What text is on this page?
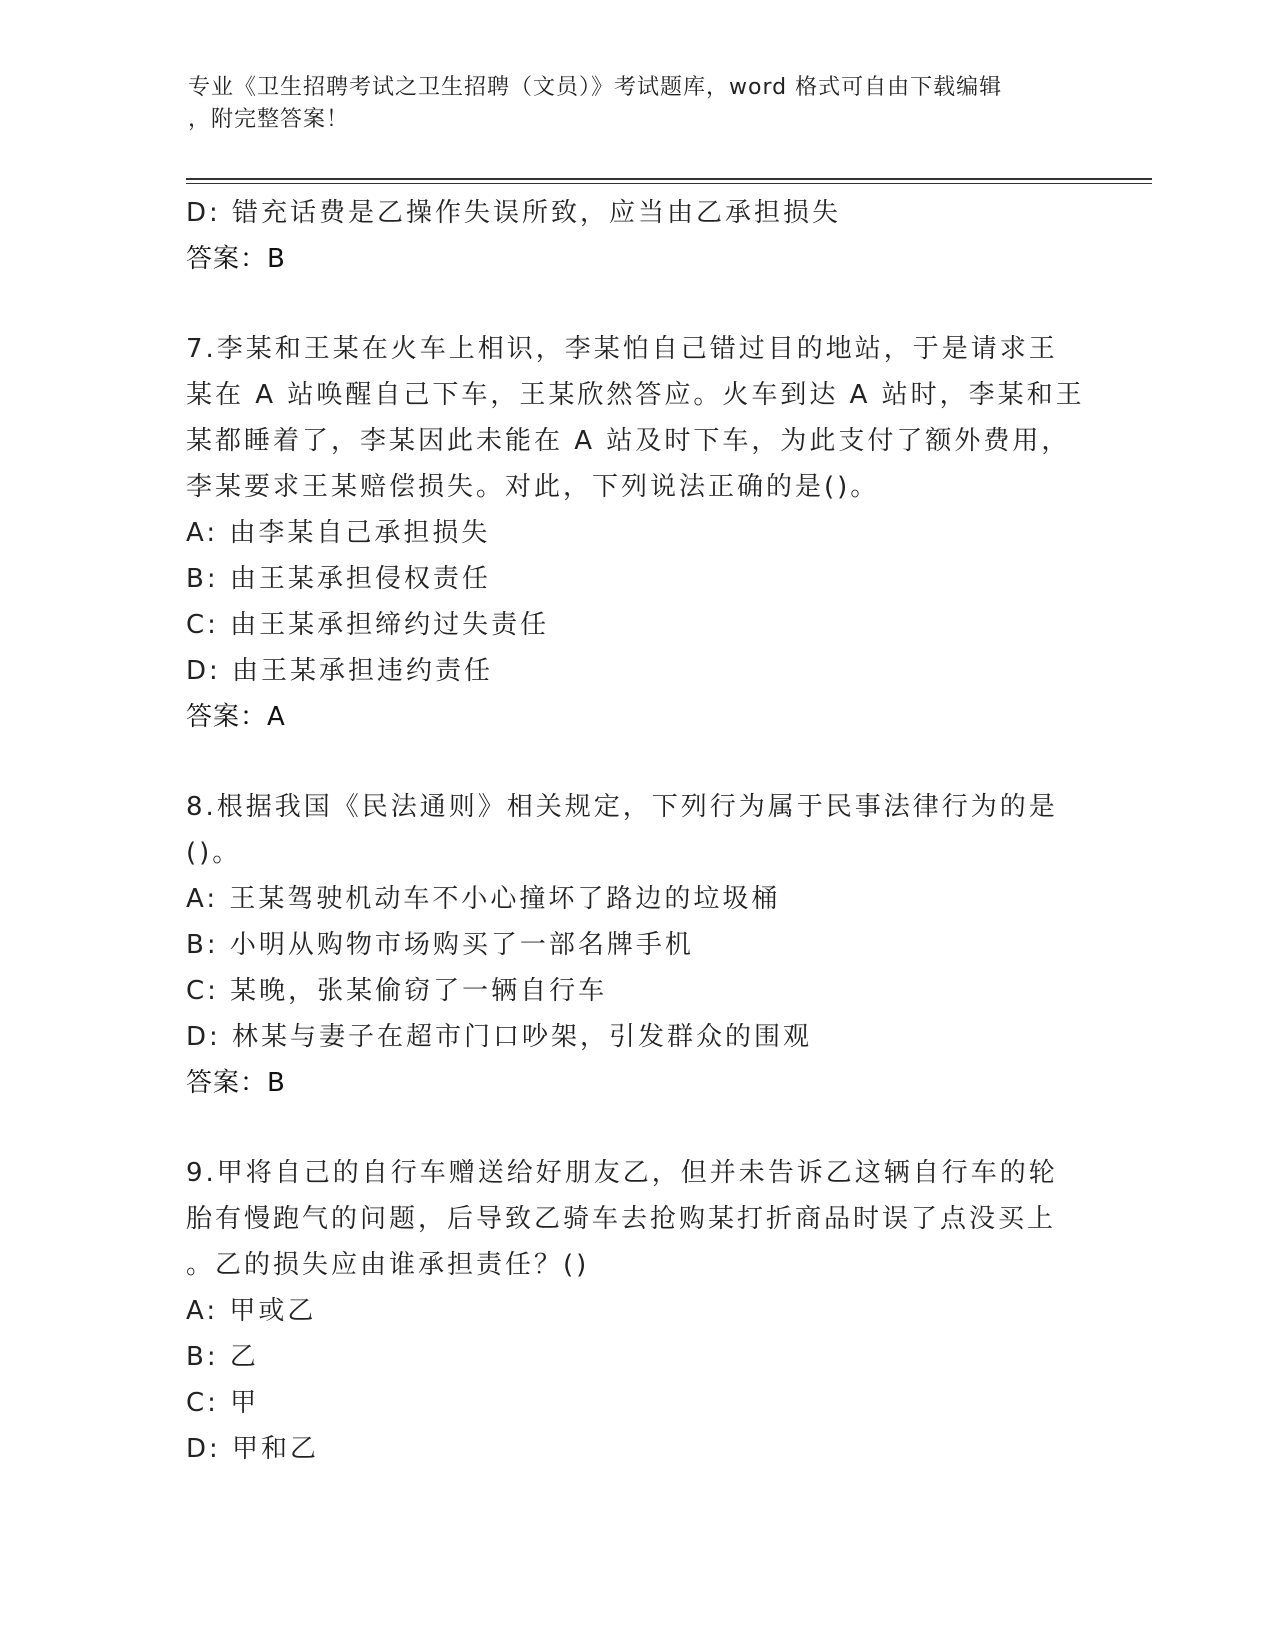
专业《卫生招聘考试之卫生招聘（文员）》考试题库，word 格式可自由下载编辑
，附完整答案！
D: 错充话费是乙操作失误所致，应当由乙承担损失
答案：B
7.李某和王某在火车上相识，李某怕自己错过目的地站，于是请求王
某在 A 站唤醒自己下车，王某欣然答应。火车到达 A 站时，李某和王
某都睡着了，李某因此未能在 A 站及时下车，为此支付了额外费用，
李某要求王某赔偿损失。对此，下列说法正确的是()。
A: 由李某自己承担损失
B: 由王某承担侵权责任
C: 由王某承担缔约过失责任
D: 由王某承担违约责任
答案：A
8.根据我国《民法通则》相关规定，下列行为属于民事法律行为的是
()。
A: 王某驾驶机动车不小心撞坏了路边的垃圾桶
B: 小明从购物市场购买了一部名牌手机
C: 某晚，张某偷窃了一辆自行车
D: 林某与妻子在超市门口吵架，引发群众的围观
答案：B
9.甲将自己的自行车赠送给好朋友乙，但并未告诉乙这辆自行车的轮
胎有慢跑气的问题，后导致乙骑车去抢购某打折商品时误了点没买上
。乙的损失应由谁承担责任？()
A: 甲或乙
B: 乙
C: 甲
D: 甲和乙
